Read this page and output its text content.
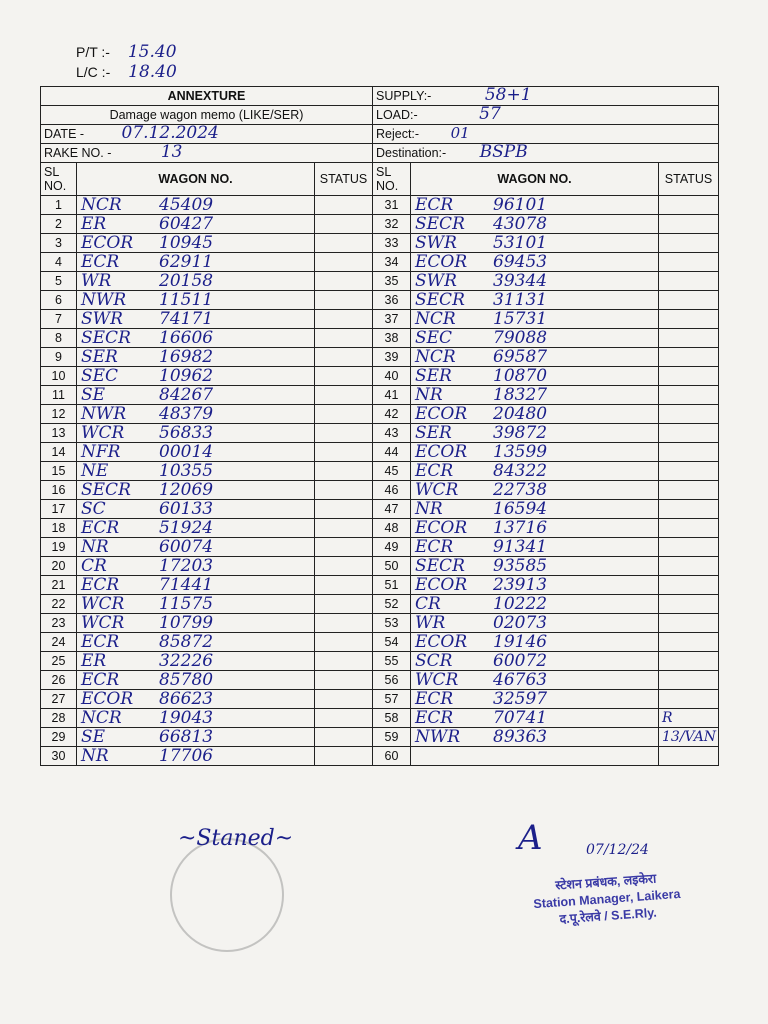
P/T :- 15.40
L/C :- 18.40
ANNEXTURE			SUPPLY:- 58+1		
Damage wagon memo (LIKE/SER)			LOAD:- 57		
DATE - 07.12.2024			Reject:- 01		
RAKE NO. - 13			Destination:- BSPB		
SL NO.	WAGON NO.	STATUS	SL NO.	WAGON NO.	STATUS
1	NCR 45409		31	ECR 96101	
2	ER 60427		32	SECR 43078	
3	ECOR 10945		33	SWR 53101	
4	ECR 62911		34	ECOR 69453	
5	WR 20158		35	SWR 39344	
6	NWR 11511		36	SECR 31131	
7	SWR 74171		37	NCR 15731	
8	SECR 16606		38	SEC 79088	
9	SER 16982		39	NCR 69587	
10	SEC 10962		40	SER 10870	
11	SE 84267		41	NR 18327	
12	NWR 48379		42	ECOR 20480	
13	WCR 56833		43	SER 39872	
14	NFR 00014		44	ECOR 13599	
15	NE 10355		45	ECR 84322	
16	SECR 12069		46	WCR 22738	
17	SC 60133		47	NR 16594	
18	ECR 51924		48	ECOR 13716	
19	NR 60074		49	ECR 91341	
20	CR 17203		50	SECR 93585	
21	ECR 71441		51	ECOR 23913	
22	WCR 11575		52	CR 10222	
23	WCR 10799		53	WR 02073	
24	ECR 85872		54	ECOR 19146	
25	ER 32226		55	SCR 60072	
26	ECR 85780		56	WCR 46763	
27	ECOR 86623		57	ECR 32597	
28	NCR 19043		58	ECR 70741	R
29	SE 66813		59	NWR 89363	13/VAN
30	NR 17706		60		
~Staned~	A	07/12/24
स्टेशन प्रबंधक, लइकेरा
Station Manager, Laikera
द.पू.रेलवे / S.E.Rly.
